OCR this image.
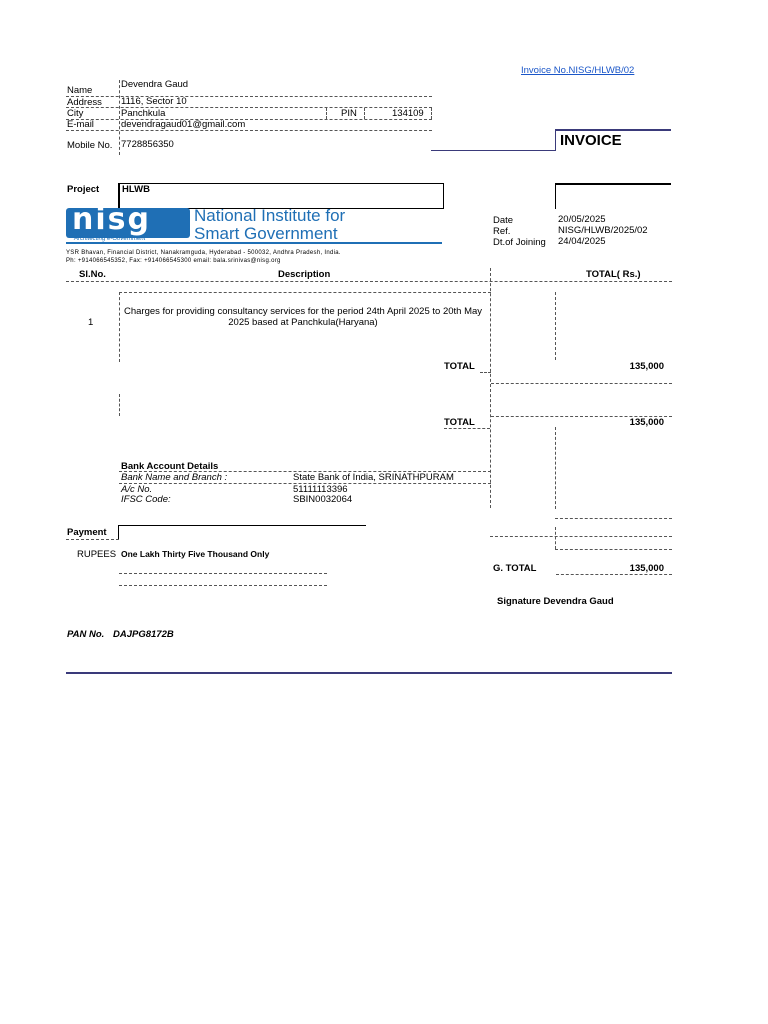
Invoice No.NISG/HLWB/02
Name
Devendra Gaud
Address 1116, Sector 10
City	Panchkula	PIN	134109
E-mail	devendragaud01@gmail.com
Mobile No. 7728856350	INVOICE
Project HLWB
nisg
Architecting e-Government
National Institute for
Smart Government
YSR Bhavan, Financial District, Nanakramguda, Hyderabad - 500032, Andhra Pradesh, India.
Ph: +914066545352, Fax: +914066545300 email: bala.srinivas@nisg.org
Date	20/05/2025
Ref.	NISG/HLWB/2025/02
Dt.of Joining 24/04/2025
Sl.No.	Description	TOTAL( Rs.)
1
Charges for providing consultancy services for the period 24th April 2025 to 20th May
2025 based at Panchkula(Haryana)
TOTAL	135,000
TOTAL	135,000
Bank Account Details
Bank Name and Branch :	State Bank of India, SRINATHPURAM
A/c No.	51111113396
IFSC Code:	SBIN0032064
Payment
RUPEES One Lakh Thirty Five Thousand Only
G. TOTAL	135,000
Signature Devendra Gaud
PAN No. DAJPG8172B
